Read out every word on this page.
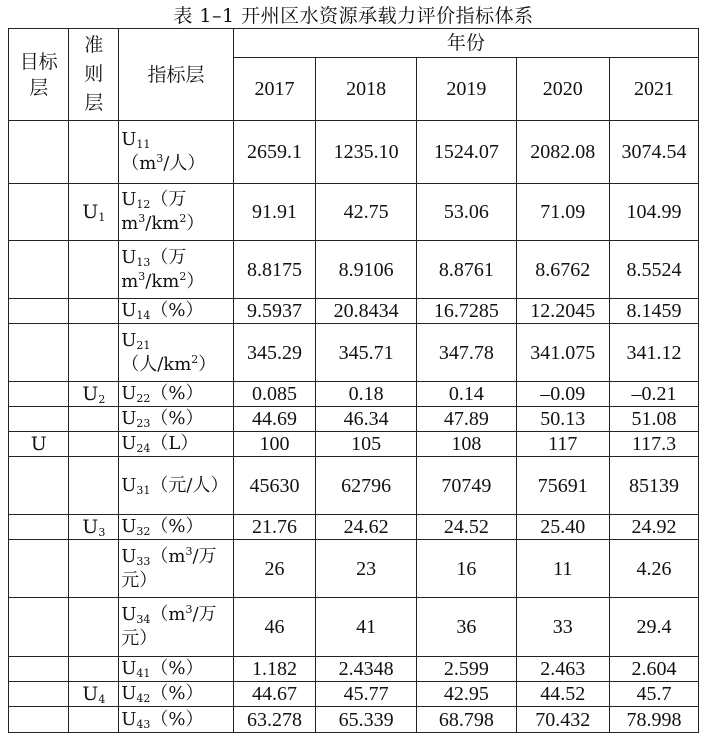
表 1–1 开州区水资源承载力评价指标体系
目标层	准则层	指标层	年份				
			2017	2018	2019	2020	2021

		$U_{11}(m^3/$人）	2659.1	1235.10	1524.07	2082.08	3074.54
	$U_1$	$U_{12}$（万$m^3/km^2$）	91.91	42.75	53.06	71.09	104.99

		$U_{13}$（万$m^3/km^2$）	8.8175	8.9106	8.8761	8.6762	8.5524

		$U_{14}(\%)$	9.5937	20.8434	16.7285	12.2045	8.1459

		$U_{21}$（人$/km^2$）	345.29	345.71	347.78	341.075	341.12
	$U_2$	$U_{22}(\%)$	0.085	0.18	0.14	–0.09	–0.21

		$U_{23}(\%)$	44.69	46.34	47.89	50.13	51.08
U		$U_{24}(L)$	100	105	108	117	117.3

		$U_{31}$（元/人）	45630	62796	70749	75691	85139
	$U_3$	$U_{32}(\%)$	21.76	24.62	24.52	25.40	24.92

		$U_{33}(m^3/$万元）	26	23	16	11	4.26

		$U_{34}(m^3/$万元）	46	41	36	33	29.4

		$U_{41}(\%)$	1.182	2.4348	2.599	2.463	2.604
	$U_4$	$U_{42}(\%)$	44.67	45.77	42.95	44.52	45.7

		$U_{43}(\%)$	63.278	65.339	68.798	70.432	78.998
